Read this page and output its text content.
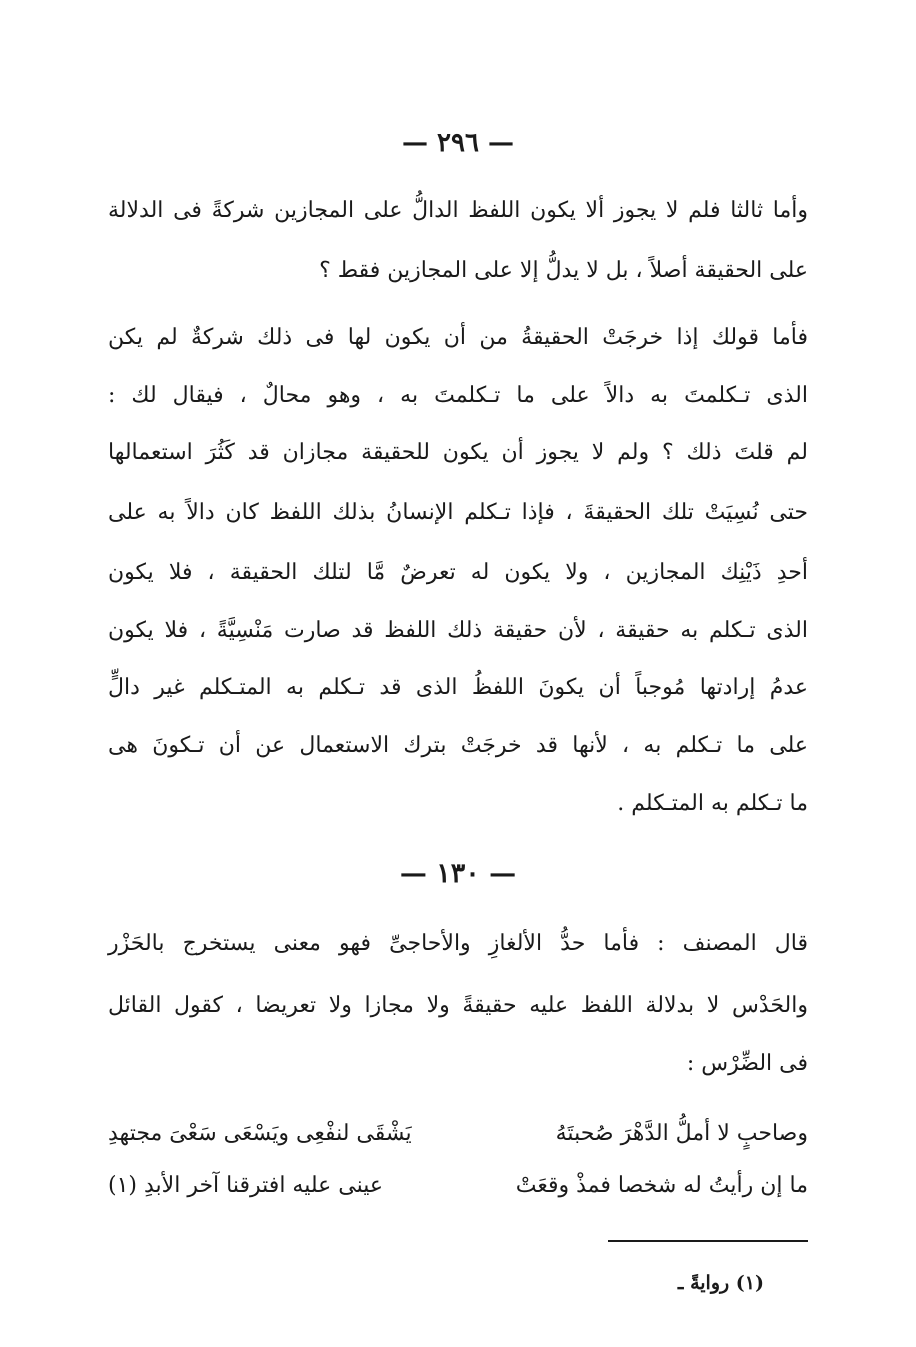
— ٢٩٦ —
وأما ثالثا فلم لا يجوز ألا يكون اللفظ الدالُّ على المجازين شركةً فى الدلالة
على الحقيقة أصلاً ، بل لا يدلُّ إلا على المجازين فقط ؟
فأما قولك إذا خرجَتْ الحقيقةُ من أن يكون لها فى ذلك شركةٌ لم يكن
الذى تـكلمتَ به دالاً على ما تـكلمتَ به ، وهو محالٌ ، فيقال لك :
لم قلتَ ذلك ؟ ولم لا يجوز أن يكون للحقيقة مجازان قد كَثُرَ استعمالها
حتى نُسِيَتْ تلك الحقيقةَ ، فإذا تـكلم الإنسانُ بذلك اللفظ كان دالاً به على
أحدِ ذَيْنِك المجازين ، ولا يكون له تعرضٌ مَّا لتلك الحقيقة ، فلا يكون
الذى تـكلم به حقيقة ، لأن حقيقة ذلك اللفظ قد صارت مَنْسِيَّةً ، فلا يكون
عدمُ إرادتها مُوجباً أن يكونَ اللفظُ الذى قد تـكلم به المتـكلم غير دالٍّ
على ما تـكلم به ، لأنها قد خرجَتْ بترك الاستعمال عن أن تـكونَ هى
ما تـكلم به المتـكلم .
— ١٣٠ —
قال المصنف : فأما حدُّ الألغازِ والأحاجىِّ فهو معنى يستخرج بالحَزْر
والحَدْس لا بدلالة اللفظ عليه حقيقةً ولا مجازا ولا تعريضا ، كقول القائل
فى الضِّرْس :
وصاحبٍ لا أملُّ الدَّهْرَ صُحبتَهُ
يَشْقَى لنفْعِى ويَسْعَى سَعْىَ مجتهدِ
ما إن رأيتُ له شخصا فمذْ وقعَتْ
عينى عليه افترقنا آخر الأبدِ (١)
(١) روايةً ـ
